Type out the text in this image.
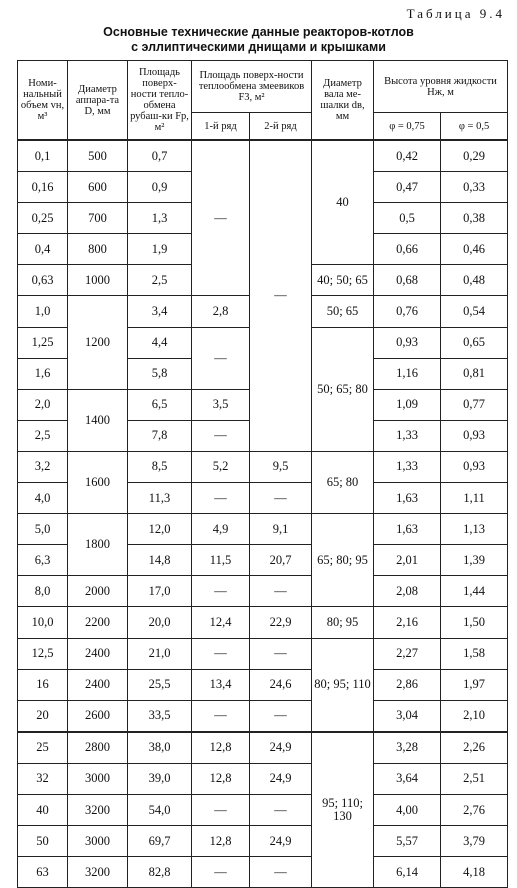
Таблица 9.4
Основные технические данные реакторов-котлов
с эллиптическими днищами и крышками
Номи-нальный объем vн, м³	Диаметр аппара-та D, мм	Площадь поверх-ности тепло-обмена рубаш-ки Fр, м²	Площадь поверх-ности теплообмена змеевиков F3, м²		Диаметр вала ме-шалки dв, мм	Высота уровня жидкости Hж, м	
			1-й ряд	2-й ряд		φ = 0,75	φ = 0,5
0,1	500	0,7	—	—	40	0,42	0,29
0,16	600	0,9				0,47	0,33
0,25	700	1,3				0,5	0,38
0,4	800	1,9				0,66	0,46
0,63	1000	2,5			40; 50; 65	0,68	0,48
1,0	1200	3,4	2,8		50; 65	0,76	0,54
1,25		4,4	—		50; 65; 80	0,93	0,65
1,6		5,8				1,16	0,81
2,0	1400	6,5	3,5			1,09	0,77
2,5		7,8	—			1,33	0,93
3,2	1600	8,5	5,2	9,5	65; 80	1,33	0,93
4,0		11,3	—	—		1,63	1,11
5,0	1800	12,0	4,9	9,1	65; 80; 95	1,63	1,13
6,3		14,8	11,5	20,7		2,01	1,39
8,0	2000	17,0	—	—		2,08	1,44
10,0	2200	20,0	12,4	22,9	80; 95	2,16	1,50
12,5	2400	21,0	—	—	80; 95; 110	2,27	1,58
16	2400	25,5	13,4	24,6		2,86	1,97
20	2600	33,5	—	—		3,04	2,10
25	2800	38,0	12,8	24,9	95; 110; 130	3,28	2,26
32	3000	39,0	12,8	24,9		3,64	2,51
40	3200	54,0	—	—		4,00	2,76
50	3000	69,7	12,8	24,9		5,57	3,79
63	3200	82,8	—	—		6,14	4,18
